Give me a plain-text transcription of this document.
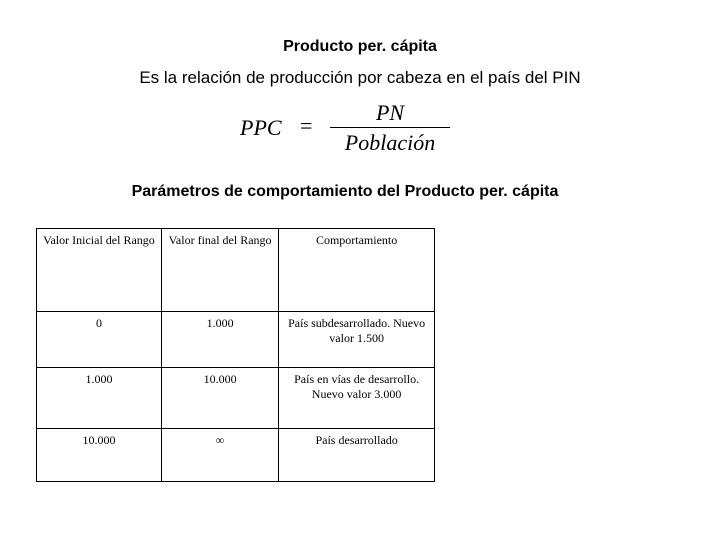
Producto per. cápita
Es la relación de producción por cabeza en el país del PIN
PPC =
PN
Población
Parámetros de comportamiento del Producto per. cápita
Valor Inicial del Rango	Valor final del Rango	Comportamiento
0	1.000	País subdesarrollado. Nuevo valor 1.500
1.000	10.000	País en vías de desarrollo. Nuevo valor 3.000
10.000	∞	País desarrollado
